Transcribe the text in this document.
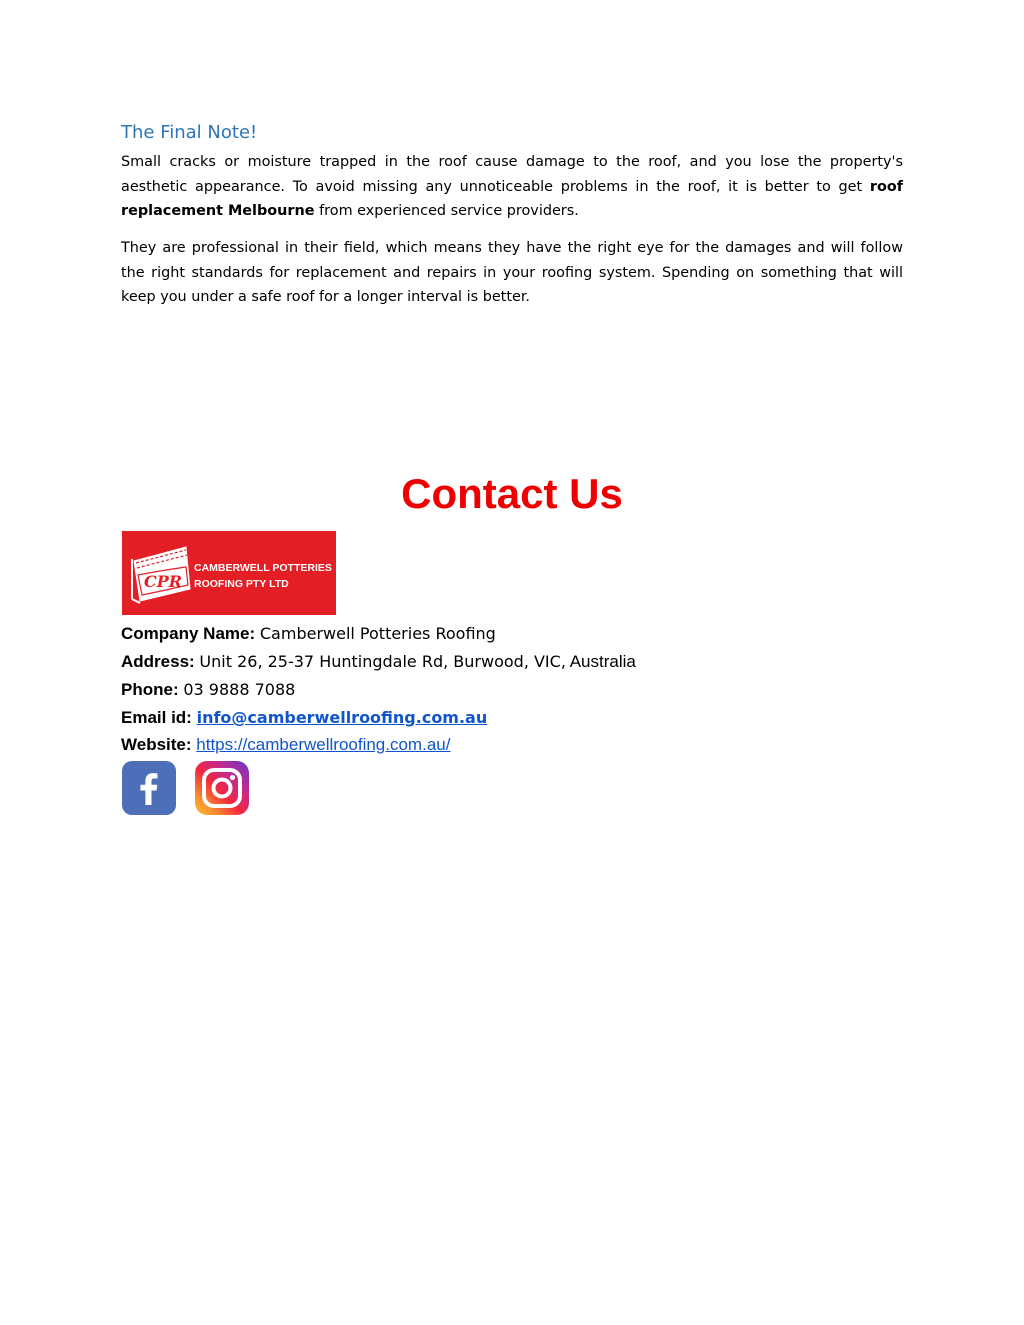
The Final Note!

Small cracks or moisture trapped in the roof cause damage to the roof, and you lose the property's aesthetic appearance. To avoid missing any unnoticeable problems in the roof, it is better to get roof replacement Melbourne from experienced service providers.

They are professional in their field, which means they have the right eye for the damages and will follow the right standards for replacement and repairs in your roofing system. Spending on something that will keep you under a safe roof for a longer interval is better.

Contact Us
CPR
CAMBERWELL POTTERIES
ROOFING PTY LTD

Company Name: Camberwell Potteries Roofing

Address: Unit 26, 25-37 Huntingdale Rd, Burwood, VIC, Australia

Phone: 03 9888 7088

Email id: info@camberwellroofing.com.au

Website: https://camberwellroofing.com.au/
